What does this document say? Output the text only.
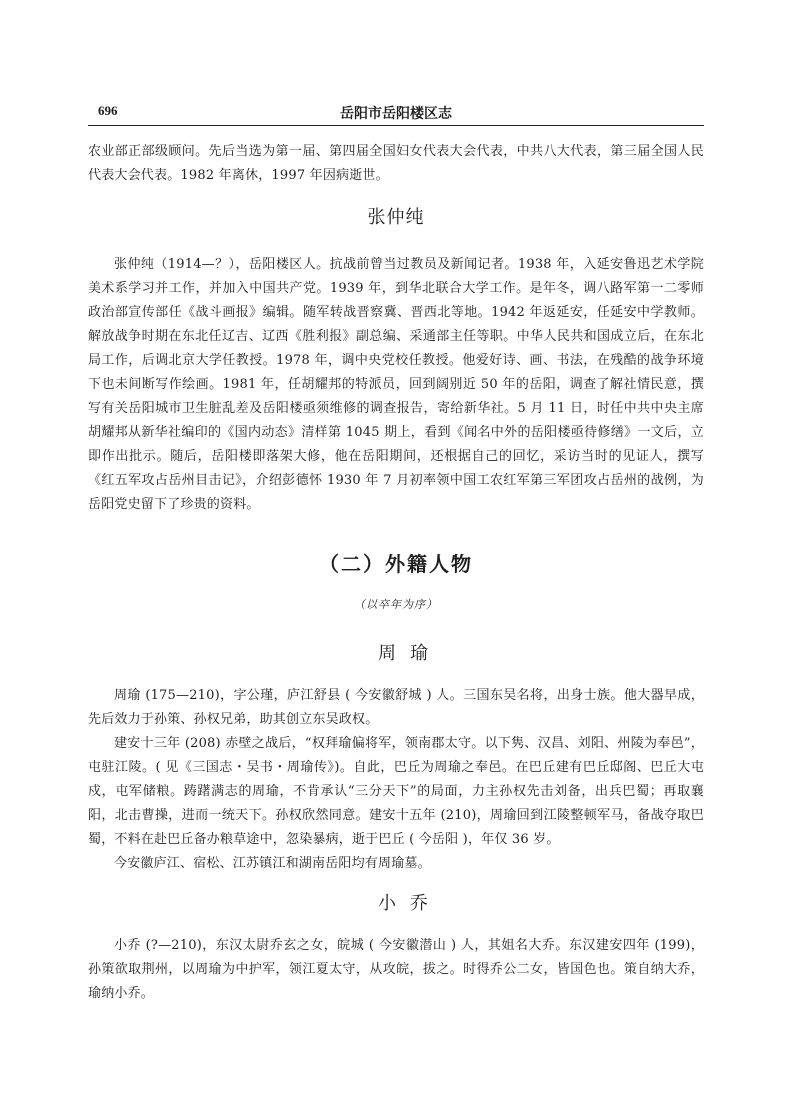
696	岳阳市岳阳楼区志

农业部正部级顾问。先后当选为第一届、第四届全国妇女代表大会代表，中共八大代表，第三届全国人民代表大会代表。1982 年离休，1997 年因病逝世。

张仲纯

张仲纯（1914—？），岳阳楼区人。抗战前曾当过教员及新闻记者。1938 年，入延安鲁迅艺术学院美术系学习并工作，并加入中国共产党。1939 年，到华北联合大学工作。是年冬，调八路军第一二零师政治部宣传部任《战斗画报》编辑。随军转战晋察冀、晋西北等地。1942 年返延安，任延安中学教师。解放战争时期在东北任辽吉、辽西《胜利报》副总编、采通部主任等职。中华人民共和国成立后，在东北局工作，后调北京大学任教授。1978 年，调中央党校任教授。他爱好诗、画、书法，在残酷的战争环境下也未间断写作绘画。1981 年，任胡耀邦的特派员，回到阔别近 50 年的岳阳，调查了解社情民意，撰写有关岳阳城市卫生脏乱差及岳阳楼亟须维修的调查报告，寄给新华社。5 月 11 日，时任中共中央主席胡耀邦从新华社编印的《国内动态》清样第 1045 期上，看到《闻名中外的岳阳楼亟待修缮》一文后，立即作出批示。随后，岳阳楼即落架大修，他在岳阳期间，还根据自己的回忆，采访当时的见证人，撰写《红五军攻占岳州目击记》，介绍彭德怀 1930 年 7 月初率领中国工农红军第三军团攻占岳州的战例，为岳阳党史留下了珍贵的资料。

（二）外籍人物
（以卒年为序）
周瑜

周瑜 (175—210)，字公瑾，庐江舒县 ( 今安徽舒城 ) 人。三国东吴名将，出身士族。他大器早成，先后效力于孙策、孙权兄弟，助其创立东吴政权。

建安十三年 (208) 赤壁之战后，“权拜瑜偏将军，领南郡太守。以下隽、汉昌、刘阳、州陵为奉邑”，屯驻江陵。( 见《三国志・吴书・周瑜传》)。自此，巴丘为周瑜之奉邑。在巴丘建有巴丘邸阁、巴丘大屯戍，屯军储粮。踌躇满志的周瑜，不肯承认“三分天下”的局面，力主孙权先击刘备，出兵巴蜀；再取襄阳，北击曹操，进而一统天下。孙权欣然同意。建安十五年 (210)，周瑜回到江陵整顿军马，备战夺取巴蜀，不料在赴巴丘备办粮草途中，忽染暴病，逝于巴丘 ( 今岳阳 )，年仅 36 岁。

今安徽庐江、宿松、江苏镇江和湖南岳阳均有周瑜墓。

小乔

小乔 (?—210)，东汉太尉乔玄之女，皖城 ( 今安徽潜山 ) 人，其姐名大乔。东汉建安四年 (199)，孙策欲取荆州，以周瑜为中护军，领江夏太守，从攻皖，拔之。时得乔公二女，皆国色也。策自纳大乔，瑜纳小乔。
